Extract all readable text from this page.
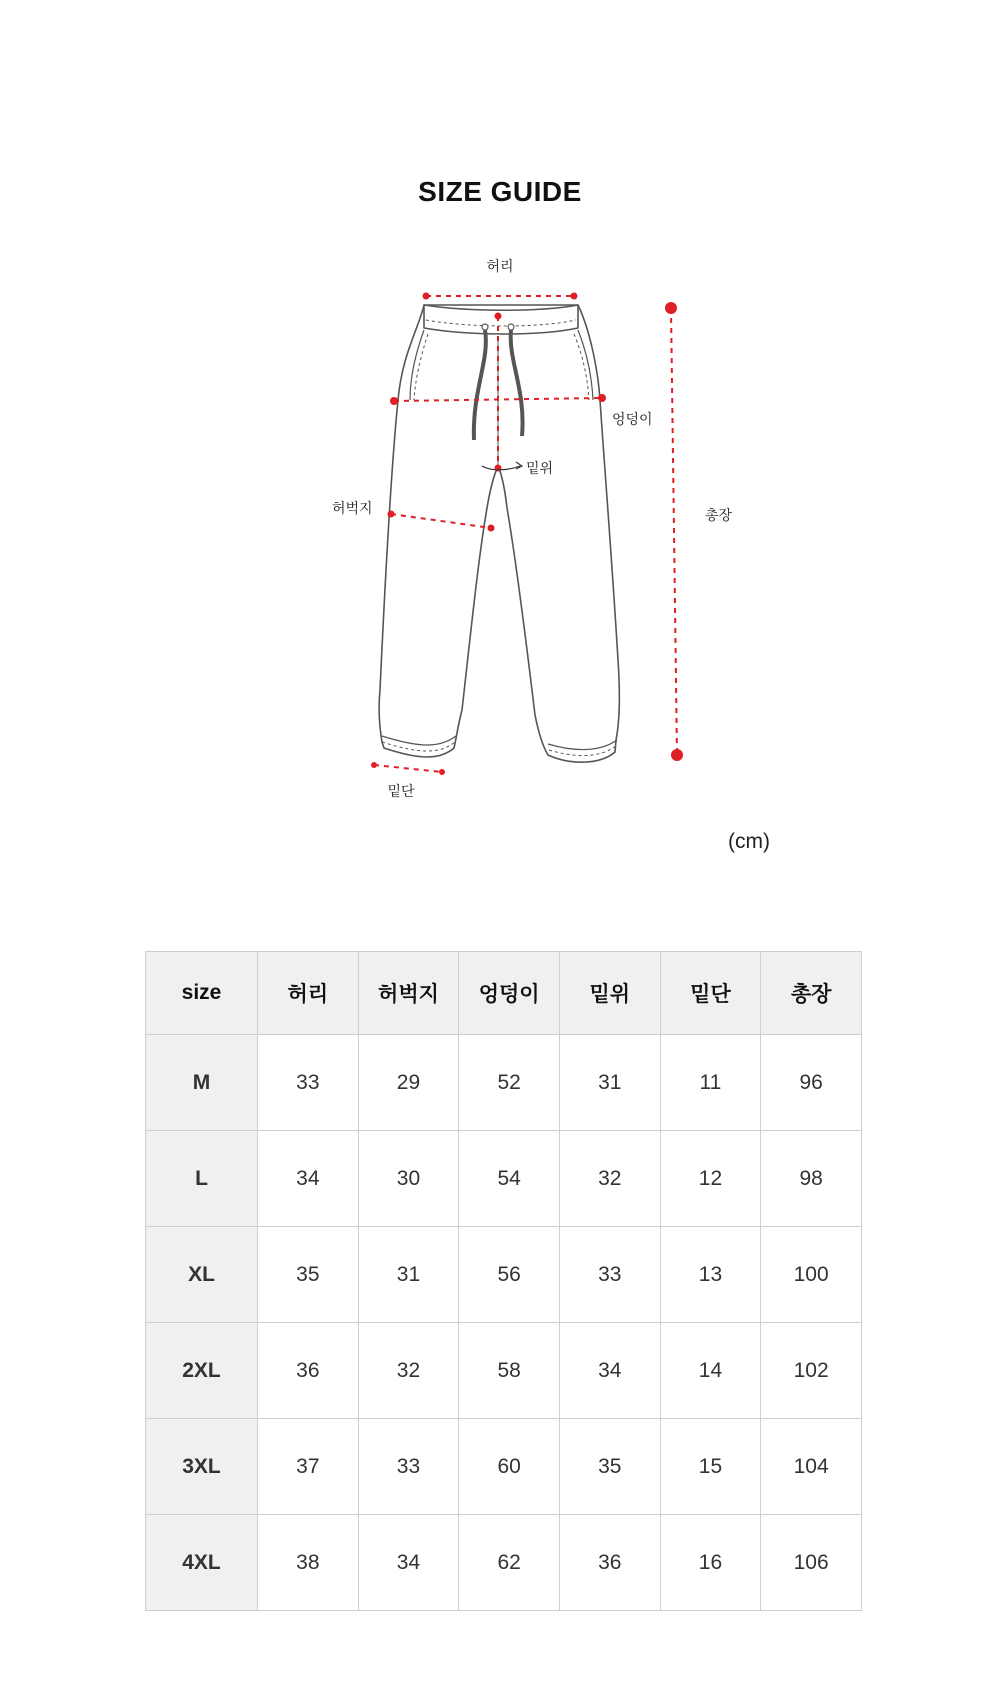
SIZE GUIDE
허리
엉덩이
밑위
허벅지
밑단
총장
(cm)
size	허리	허벅지	엉덩이	밑위	밑단	총장
M	33	29	52	31	11	96
L	34	30	54	32	12	98
XL	35	31	56	33	13	100
2XL	36	32	58	34	14	102
3XL	37	33	60	35	15	104
4XL	38	34	62	36	16	106
